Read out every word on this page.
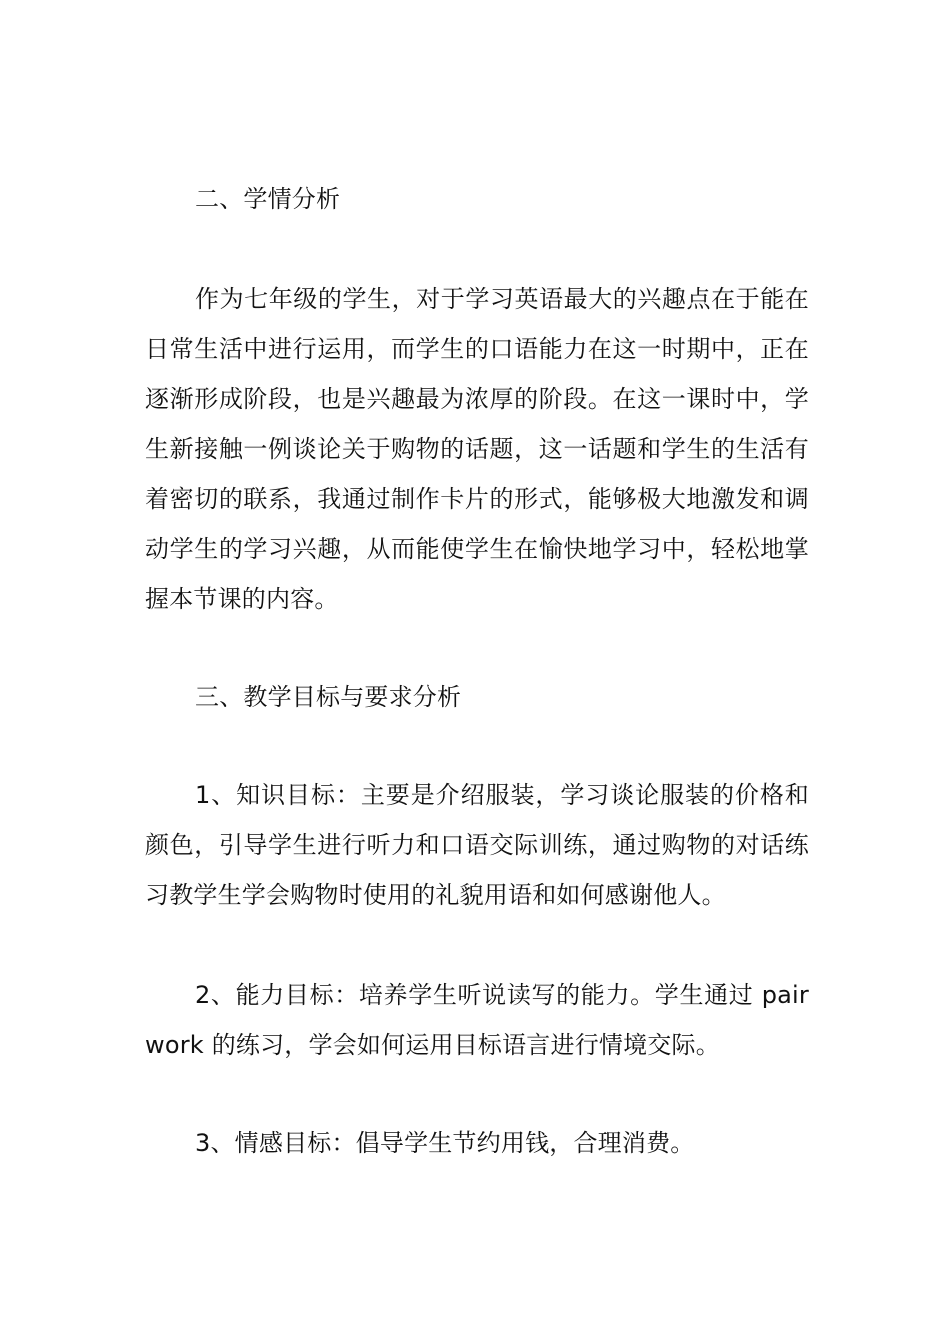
二、学情分析

作为七年级的学生，对于学习英语最大的兴趣点在于能在日常生活中进行运用，而学生的口语能力在这一时期中，正在逐渐形成阶段，也是兴趣最为浓厚的阶段。在这一课时中，学生新接触一例谈论关于购物的话题，这一话题和学生的生活有着密切的联系，我通过制作卡片的形式，能够极大地激发和调动学生的学习兴趣，从而能使学生在愉快地学习中，轻松地掌握本节课的内容。

三、教学目标与要求分析

1、知识目标：主要是介绍服装，学习谈论服装的价格和颜色，引导学生进行听力和口语交际训练，通过购物的对话练习教学生学会购物时使用的礼貌用语和如何感谢他人。

2、能力目标：培养学生听说读写的能力。学生通过 pair work 的练习，学会如何运用目标语言进行情境交际。

3、情感目标：倡导学生节约用钱，合理消费。
